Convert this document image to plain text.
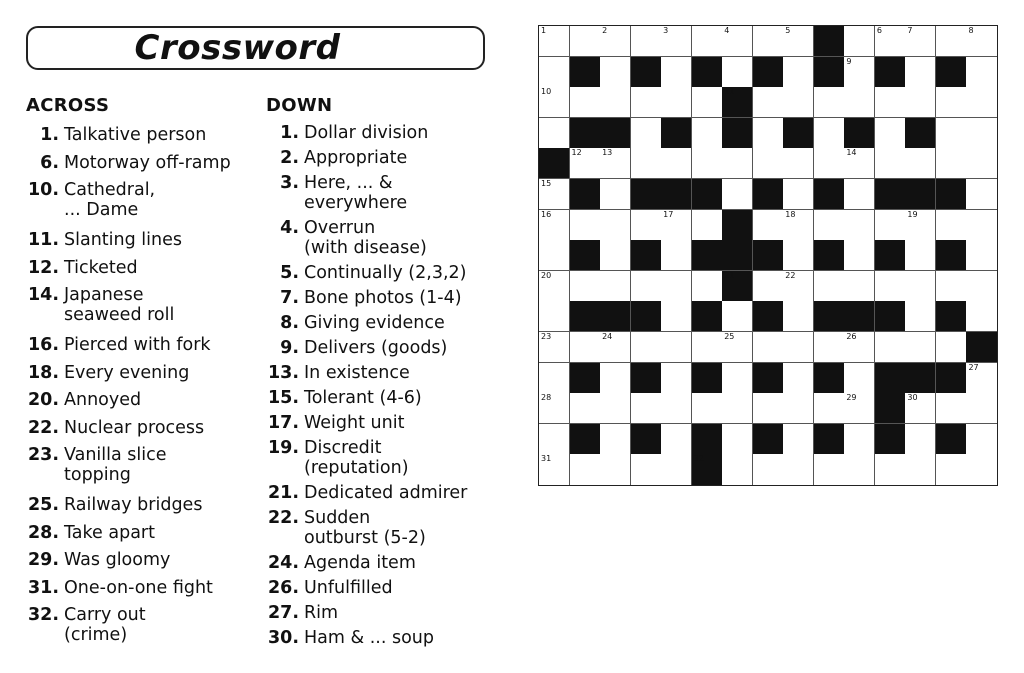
Crossword
ACROSS	DOWN
1. Talkative person
6. Motorway off-ramp
10. Cathedral,
... Dame
11. Slanting lines
12. Ticketed
14. Japanese
seaweed roll
16. Pierced with fork
18. Every evening
20. Annoyed
22. Nuclear process
23. Vanilla slice
topping
25. Railway bridges
28. Take apart
29. Was gloomy
31. One-on-one fight
32. Carry out
(crime)
1. Dollar division
2. Appropriate
3. Here, ... &
everywhere
4. Overrun
(with disease)
5. Continually (2,3,2)
7. Bone photos (1-4)
8. Giving evidence
9. Delivers (goods)
13. In existence
15. Tolerant (4-6)
17. Weight unit
19. Discredit
(reputation)
21. Dedicated admirer
22. Sudden
outburst (5-2)
24. Agenda item
26. Unfulfilled
27. Rim
30. Ham & ... soup
1	2	3	4	5	6	7	8
9
10	11
12	13	14
15
16	17	18	19
20	21	22
23	24	25	26
27
28	29	30
31	32
